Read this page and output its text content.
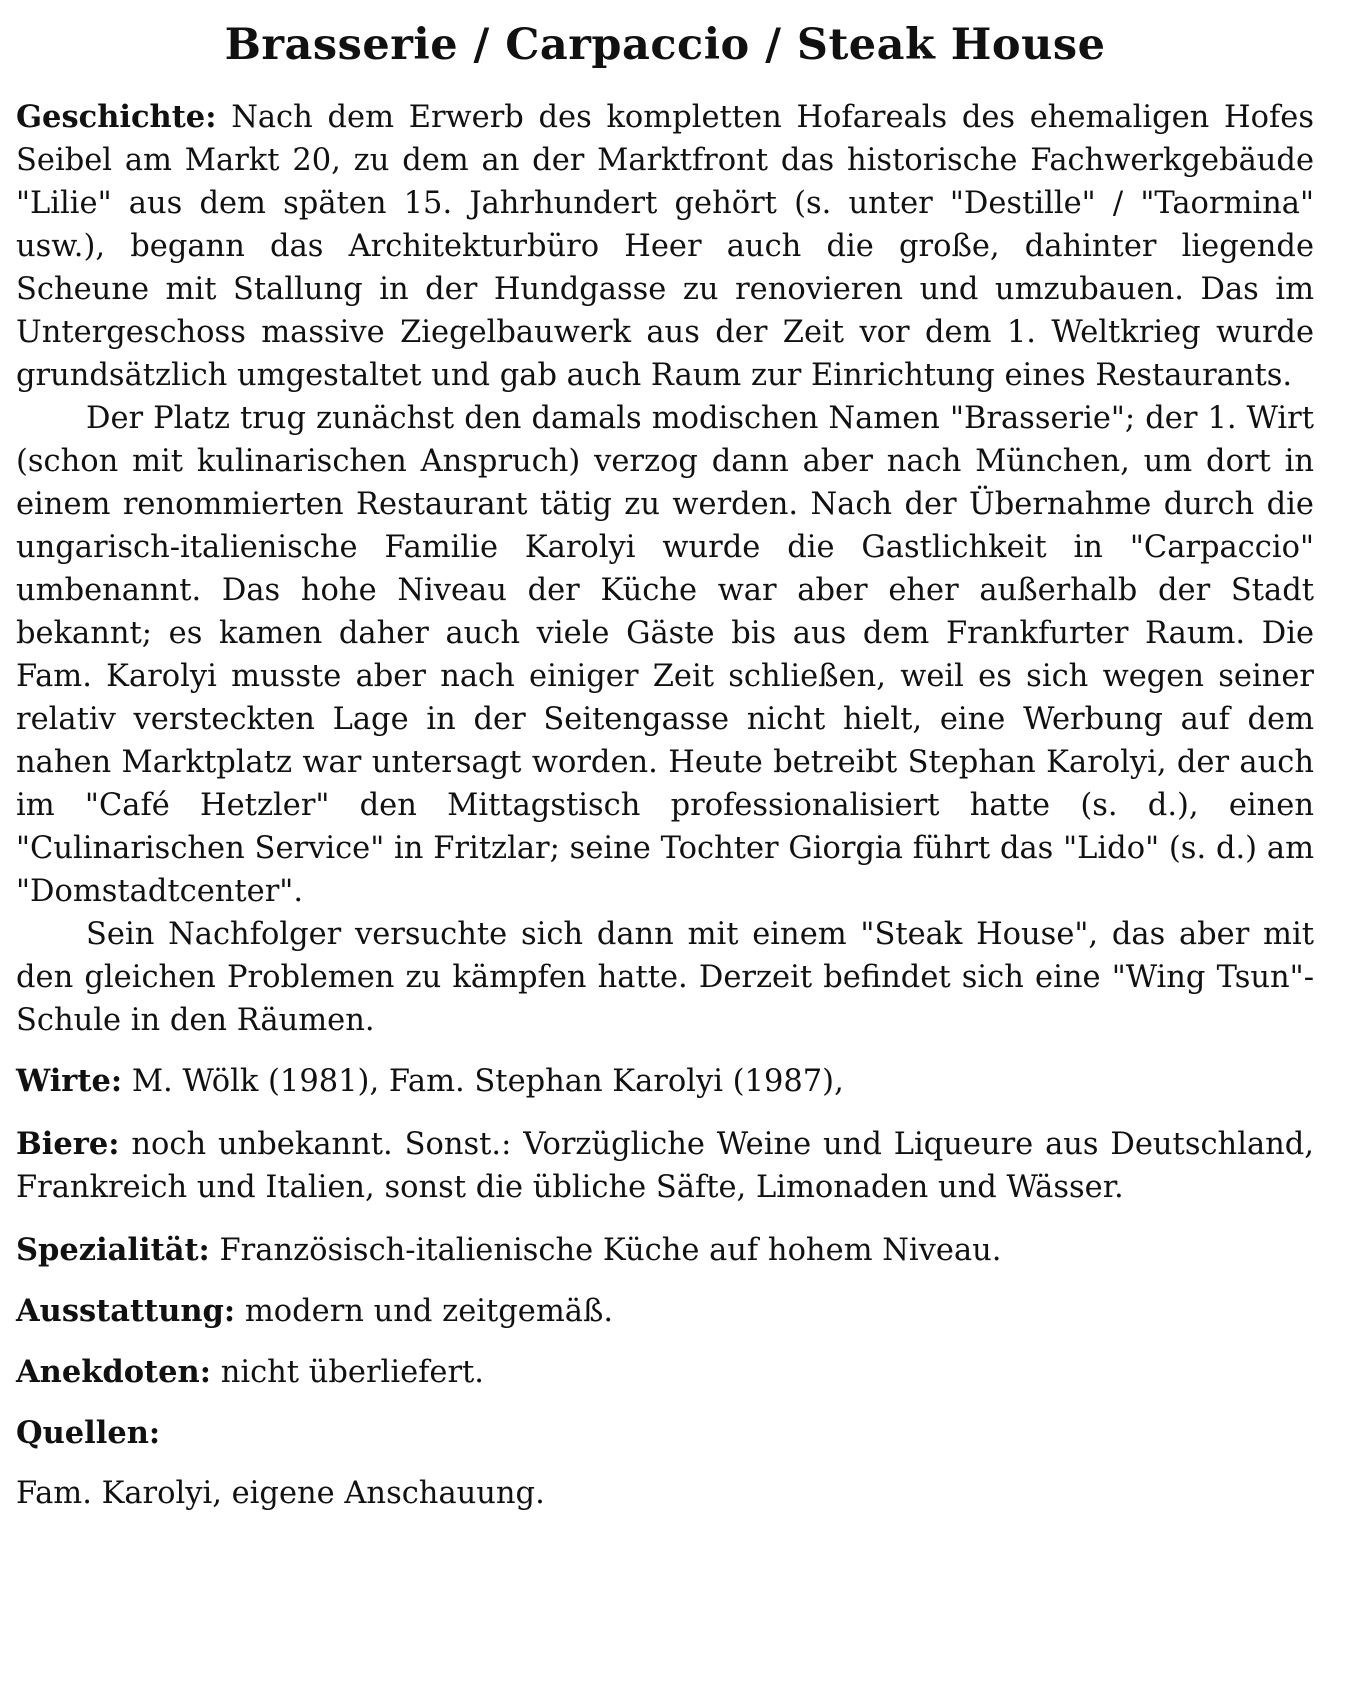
Brasserie / Carpaccio / Steak House

Geschichte: Nach dem Erwerb des kompletten Hofareals des ehemaligen Hofes Seibel am Markt 20, zu dem an der Marktfront das historische Fachwerkgebäude "Lilie" aus dem späten 15. Jahrhundert gehört (s. unter "Destille" / "Taormina" usw.), begann das Architekturbüro Heer auch die große, dahinter liegende Scheune mit Stallung in der Hundgasse zu renovieren und umzubauen. Das im Untergeschoss massive Ziegelbauwerk aus der Zeit vor dem 1. Weltkrieg wurde grundsätzlich umgestaltet und gab auch Raum zur Einrichtung eines Restaurants.

Der Platz trug zunächst den damals modischen Namen "Brasserie"; der 1. Wirt (schon mit kulinarischen Anspruch) verzog dann aber nach München, um dort in einem renommierten Restaurant tätig zu werden. Nach der Übernahme durch die ungarisch-italienische Familie Karolyi wurde die Gastlichkeit in "Carpaccio" umbenannt. Das hohe Niveau der Küche war aber eher außerhalb der Stadt bekannt; es kamen daher auch viele Gäste bis aus dem Frankfurter Raum. Die Fam. Karolyi musste aber nach einiger Zeit schließen, weil es sich wegen seiner relativ versteckten Lage in der Seitengasse nicht hielt, eine Werbung auf dem nahen Marktplatz war untersagt worden. Heute betreibt Stephan Karolyi, der auch im "Café Hetzler" den Mittagstisch professionalisiert hatte (s. d.), einen "Culinarischen Service" in Fritzlar; seine Tochter Giorgia führt das "Lido" (s. d.) am "Domstadtcenter".

Sein Nachfolger versuchte sich dann mit einem "Steak House", das aber mit den gleichen Problemen zu kämpfen hatte. Derzeit befindet sich eine "Wing Tsun"-Schule in den Räumen.

Wirte: M. Wölk (1981), Fam. Stephan Karolyi (1987),

Biere: noch unbekannt. Sonst.: Vorzügliche Weine und Liqueure aus Deutschland, Frankreich und Italien, sonst die übliche Säfte, Limonaden und Wässer.

Spezialität: Französisch-italienische Küche auf hohem Niveau.

Ausstattung: modern und zeitgemäß.

Anekdoten: nicht überliefert.

Quellen:

Fam. Karolyi, eigene Anschauung.
